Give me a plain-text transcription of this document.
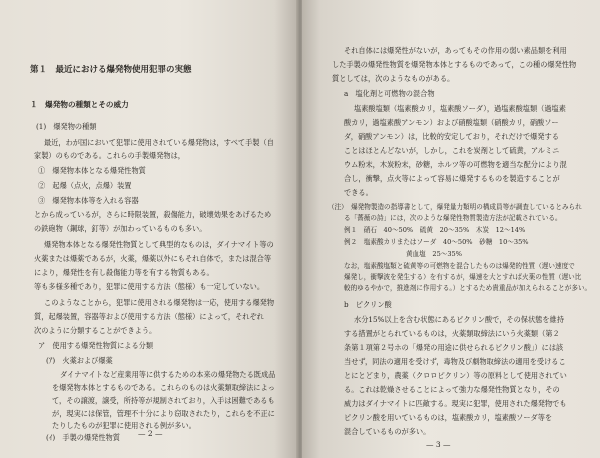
第１　最近における爆発物使用犯罪の実態
１　爆発物の種類とその威力
(1)　爆発物の種類
最近，わが国において犯罪に使用されている爆発物は，すべて手製（自
家製）のものである。これらの手製爆発物は，
①　爆発物本体となる爆発性物質
②　起爆（点火，点爆）装置
③　爆発物本体等を入れる容器
とから成っているが，さらに時限装置，殺傷能力，破壊効果をあげるため
の鉄砲物（鋼球，釘等）が加わっているものも多い。
爆発物本体となる爆発性物質として典型的なものは，ダイナマイト等の
火薬または爆薬であるが，火薬，爆薬以外にもそれ自体で，または混合等
により，爆発性を有し殺傷能力等を有する物質もある。
等も多様多種であり，犯罪に使用する方法（態様）も一定していない。
このようなことから，犯罪に使用される爆発物は一応，使用する爆発物
質，起爆装置，容器等および使用する方法（態様）によって，それぞれ
次のように分類することができよう。
ア　使用する爆発性物質による分類
(ｱ)　火薬および爆薬
ダイナマイトなど産業用等に供するための本来の爆発物たる既成品
を爆発物本体とするものである。これらのものは火薬類取締法によっ
て，その譲渡，譲受，所持等が規制されており，入手は困難であるも
が，現実には保管，管理不十分により窃取されたり，これらを不正に
たりしたものが犯罪に使用される例が多い。
(ｲ)　手製の爆発性物質 — 2 —
それ自体には爆発性がないが，あってもその作用の弱い素品類を利用
した手製の爆発性物質を爆発物本体とするものであって，この種の爆発性物
質としては，次のようなものがある。
a　塩化剤と可燃物の混合物
塩素酸塩類（塩素酸カリ，塩素酸ソーダ），過塩素酸塩類（過塩素
酸カリ，過塩素酸アンモン）および硝酸塩類（硝酸カリ，硝酸ソー
ダ，硝酸アンモン）は，比較的安定しており，それだけで爆発する
ことはほとんどないが，しかし，これを炭剤として硫黄，アルミニ
ウム粉末，木炭粉末，砂糖，ホルツ等の可燃物を適当な配分により混
合し，衝撃，点火等によって容易に爆発するものを製造することが
できる。
（注）　爆発物製造の指導書として，爆発量力類明の構成員等が調査しているとみられ
る「薔薇の詩」には，次のような爆発性物質製造方法が記載されている。
例１　硝石　40〜50%　硫黄　20〜35%　木炭　12〜14%
例２　塩素酸カリまたはソーダ　40〜50%　砂糖　10〜35%
黄血塩　25〜35%
なお，塩素酸塩類と硫黄等の可燃物を混合したものは爆発的性質（遅い速度で
爆発し，衝撃波を発生する）を有するが，爆速を大とすれば火薬の性質（遅い比
較的ゆるやかで，推進剤に作用する。）とするため貴重品が加えられることが多い。
b　ピクリン酸
水分15%以上を含む状態にあるピクリン酸で，その保状態を維持
する措置がとられているものは，火薬類取締法にいう火薬類（第２
条第１項第２号ホの「爆発の用途に供せられるピクリン酸」）には該
当せず，同法の適用を受けず，毒物及び劇物取締法の適用を受けるこ
とにとどまり，農薬（クロロピクリン）等の原料として使用されてい
る。これは乾燥させることによって強力な爆発性物質となり，その
威力はダイナマイトに匹敵する。現実に犯罪，使用された爆発物でも
ピクリン酸を用いているものは，塩素酸カリ，塩素酸ソーダ等を
混合しているものが多い。
— 3 —
